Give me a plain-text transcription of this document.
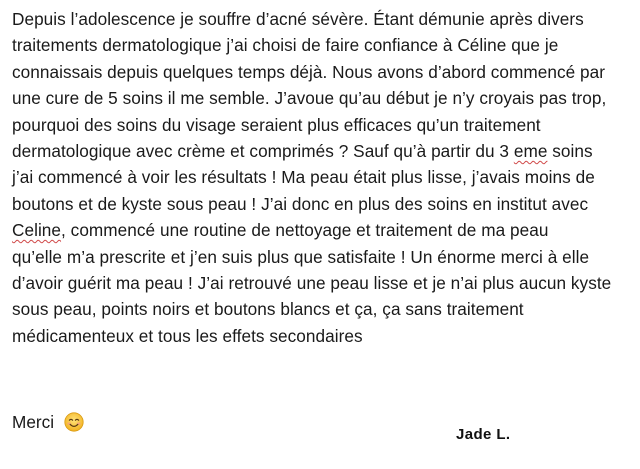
Depuis l’adolescence je souffre d’acné sévère. Étant démunie après divers
traitements dermatologique j’ai choisi de faire confiance à Céline que je
connaissais depuis quelques temps déjà. Nous avons d’abord commencé par
une cure de 5 soins il me semble. J’avoue qu’au début je n’y croyais pas trop,
pourquoi des soins du visage seraient plus efficaces qu’un traitement
dermatologique avec crème et comprimés ? Sauf qu’à partir du 3 eme soins
j’ai commencé à voir les résultats ! Ma peau était plus lisse, j’avais moins de
boutons et de kyste sous peau ! J’ai donc en plus des soins en institut avec
Celine, commencé une routine de nettoyage et traitement de ma peau
qu’elle m’a prescrite et j’en suis plus que satisfaite ! Un énorme merci à elle
d’avoir guérit ma peau ! J’ai retrouvé une peau lisse et je n’ai plus aucun kyste
sous peau, points noirs et boutons blancs et ça, ça sans traitement
médicamenteux et tous les effets secondaires
Merci
Jade L.
